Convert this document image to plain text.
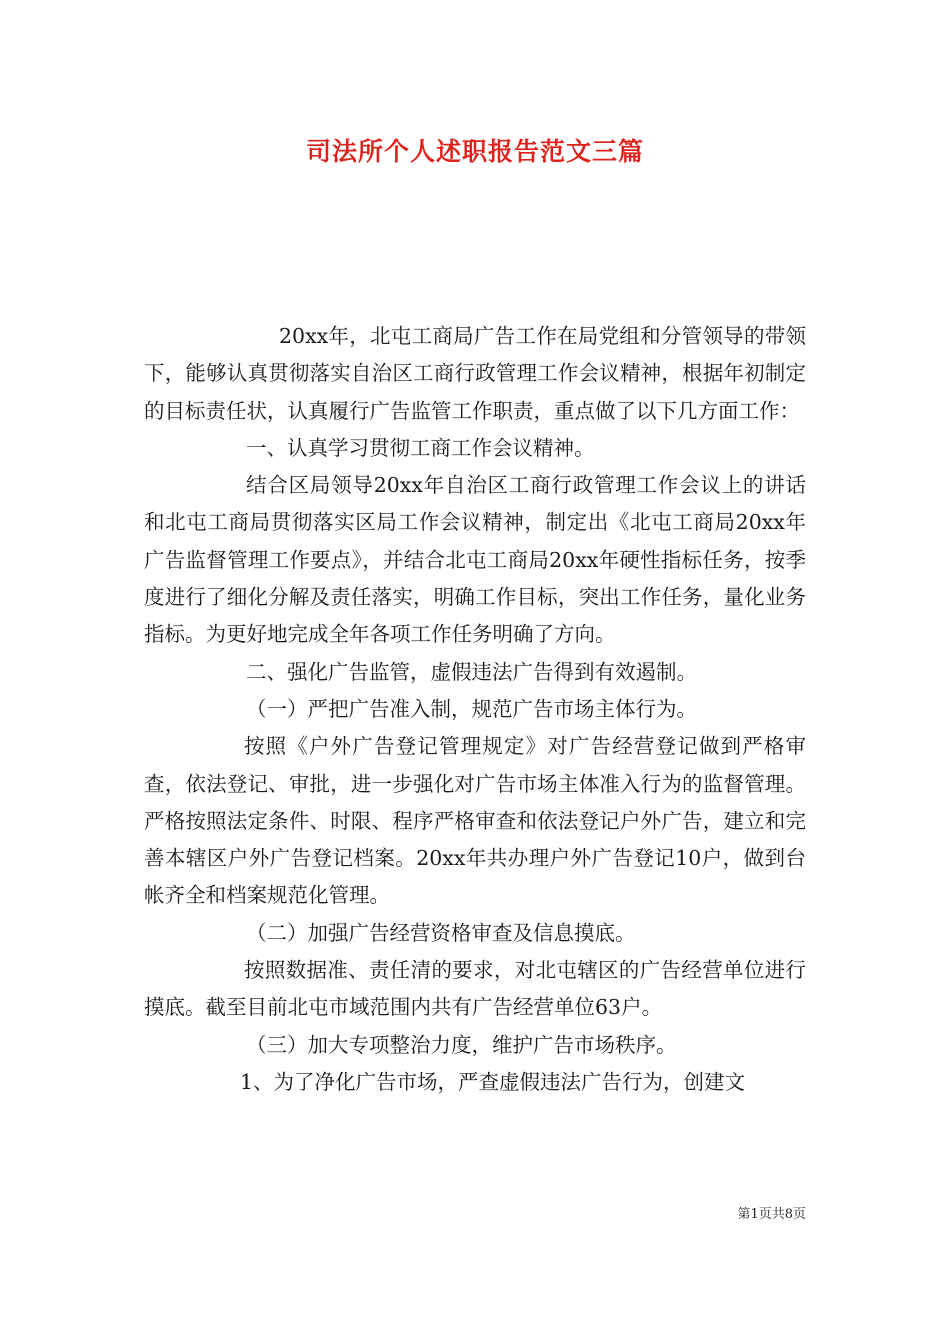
司法所个人述职报告范文三篇

20xx年，北屯工商局广告工作在局党组和分管领导的带领下，能够认真贯彻落实自治区工商行政管理工作会议精神，根据年初制定的目标责任状，认真履行广告监管工作职责，重点做了以下几方面工作：

一、认真学习贯彻工商工作会议精神。

结合区局领导20xx年自治区工商行政管理工作会议上的讲话和北屯工商局贯彻落实区局工作会议精神，制定出《北屯工商局20xx年广告监督管理工作要点》，并结合北屯工商局20xx年硬性指标任务，按季度进行了细化分解及责任落实，明确工作目标，突出工作任务，量化业务指标。为更好地完成全年各项工作任务明确了方向。

二、强化广告监管，虚假违法广告得到有效遏制。

（一）严把广告准入制，规范广告市场主体行为。

按照《户外广告登记管理规定》对广告经营登记做到严格审查，依法登记、审批，进一步强化对广告市场主体准入行为的监督管理。严格按照法定条件、时限、程序严格审查和依法登记户外广告，建立和完善本辖区户外广告登记档案。20xx年共办理户外广告登记10户，做到台帐齐全和档案规范化管理。

（二）加强广告经营资格审查及信息摸底。

按照数据准、责任清的要求，对北屯辖区的广告经营单位进行摸底。截至目前北屯市域范围内共有广告经营单位63户。

（三）加大专项整治力度，维护广告市场秩序。

1、为了净化广告市场，严查虚假违法广告行为，创建文

第1页共8页
